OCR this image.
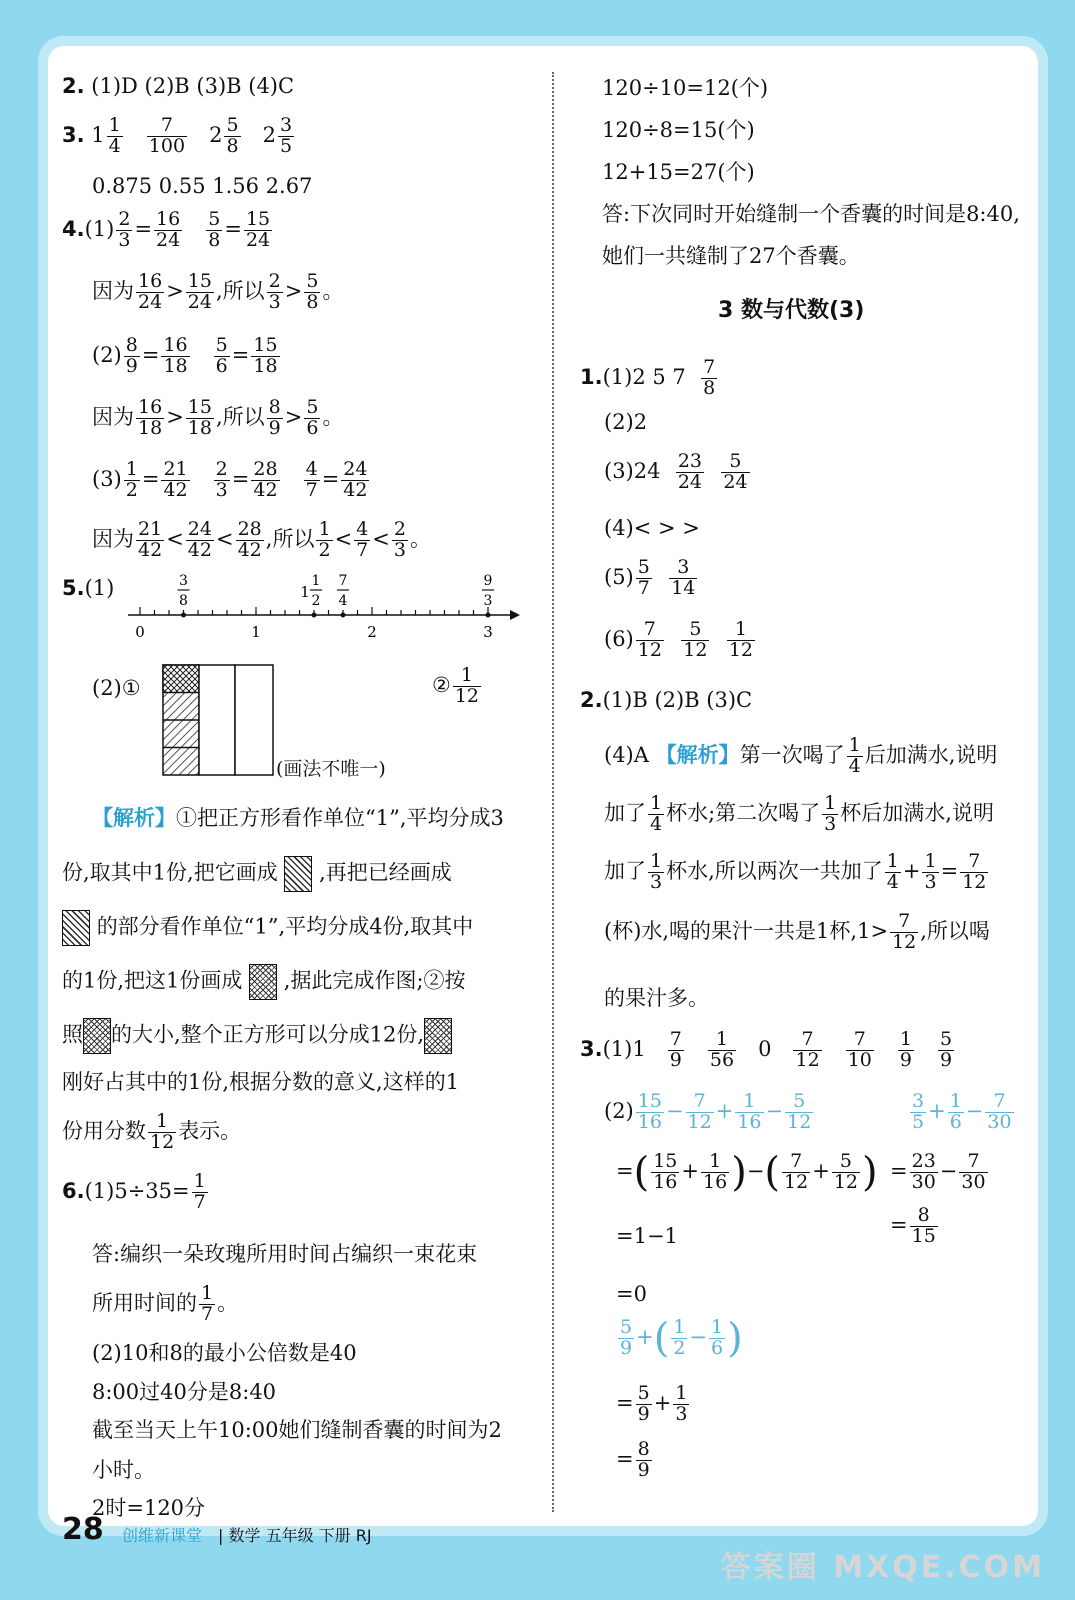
2. (1)D (2)B (3)B (4)C
3. $1 \frac{1}{4}$
$\frac{7}{100} 2 \frac{5}{8} 2 \frac{3}{5}$
0.875 0.55 1.56 2.67
$4.(1) \frac{2}{3} = \frac{16}{24}$
$\frac{5}{8} = \frac{15}{24}$
因为 $\frac{16}{24} > \frac{15}{24}$ ,所以 $\frac{2}{3} > \frac{5}{8}$ 。
$(2) \frac{8}{9} = \frac{16}{18}$
$\frac{5}{6} = \frac{15}{18}$
因为 $\frac{16}{18} > \frac{15}{18}$ ,所以 $\frac{8}{9} > \frac{5}{6}$ 。
$(3) \frac{1}{2} = \frac{21}{42}$
$\frac{2}{3} = \frac{28}{42}$
$\frac{4}{7} = \frac{24}{42}$
因为 $\frac{21}{42} < \frac{24}{42} < \frac{28}{42}$ ,所以 $\frac{1}{2} < \frac{4}{7} < \frac{2}{3}$ 。
5.(1)
0	1	2	3
3
8	1
1
2
7
4
9
3
(2)①
(画法不唯一)
② $\frac{1}{12}$
【解析】①把正方形看作单位“1”,平均分成3
份,取其中1份,把它画成 ,再把已经画成
的部分看作单位“1”,平均分成4份,取其中
的1份,把这1份画成 ,据此完成作图;②按
照 的大小,整个正方形可以分成12份,
刚好占其中的1份,根据分数的意义,这样的1
份用分数 $\frac{1}{12}$ 表示。
$6.(1)5\div 35= \frac{1}{7}$
答:编织一朵玫瑰所用时间占编织一束花束
所用时间的 $\frac{1}{7}$ 。
(2)10和8的最小公倍数是40
8:00过40分是8:40
截至当天上午10:00她们缝制香囊的时间为2
小时。
2时=120分
120÷10=12(个)
120÷8=15(个)
12+15=27(个)
答:下次同时开始缝制一个香囊的时间是8:40,
她们一共缝制了27个香囊。
3 数与代数(3)
1.(1)2 5 $7 \frac{7}{8}$
(2)2
$(3)24 \frac{23}{24}$
$\frac{5}{24}$
(4)< > >
$(5) \frac{5}{7}$
$\frac{3}{14}$
$(6) \frac{7}{12}$
$\frac{5}{12}$
$\frac{1}{12}$
2.(1)B (2)B (3)C
(4)A 【解析】第一次喝了 $\frac{1}{4}$ 后加满水,说明
加了 $\frac{1}{4}$ 杯水;第二次喝了 $\frac{1}{3}$ 杯后加满水,说明
加了 $\frac{1}{3}$ 杯水,所以两次一共加了 $\frac{1}{4} + \frac{1}{3} = \frac{7}{12}$
(杯)水,喝的果汁一共是1杯$,1> \frac{7}{12}$ ,所以喝
的果汁多。
$3.(1)1 \frac{7}{9}$
$\frac{1}{56} 0 \frac{7}{12}$
$\frac{7}{10}$
$\frac{1}{9}$
$\frac{5}{9}$
$(2) \frac{15}{16} - \frac{7}{12} + \frac{1}{16} - \frac{5}{12}$	$\frac{3}{5} + \frac{1}{6} - \frac{7}{30}$
=( $\frac{15}{16} + \frac{1}{16}$ )−( $\frac{7}{12} + \frac{5}{12}$ ) = $\frac{23}{30} - \frac{7}{30}$
=1−1	= $\frac{8}{15}$
=0
$\frac{5}{9}$ +( $\frac{1}{2} - \frac{1}{6}$ )
= $\frac{5}{9} + \frac{1}{3}$
= $\frac{8}{9}$
28 创维新课堂 | 数学 五年级 下册 RJ
答案圈 MXQE.COM
